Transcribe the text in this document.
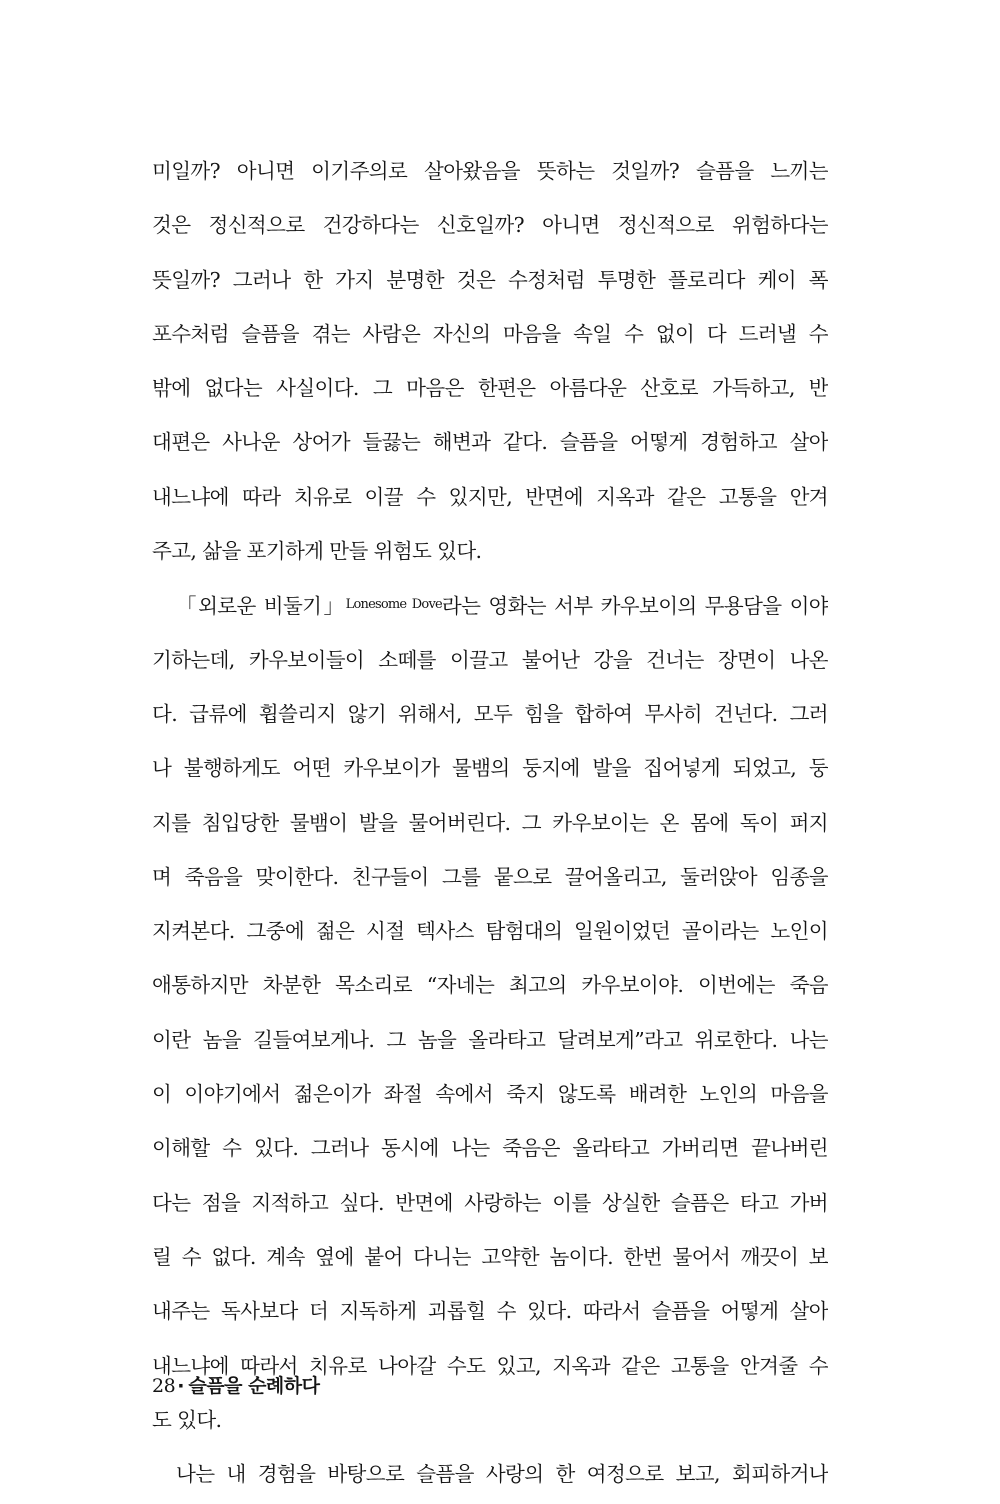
미일까? 아니면 이기주의로 살아왔음을 뜻하는 것일까? 슬픔을 느끼는
것은 정신적으로 건강하다는 신호일까? 아니면 정신적으로 위험하다는
뜻일까? 그러나 한 가지 분명한 것은 수정처럼 투명한 플로리다 케이 폭
포수처럼 슬픔을 겪는 사람은 자신의 마음을 속일 수 없이 다 드러낼 수
밖에 없다는 사실이다. 그 마음은 한편은 아름다운 산호로 가득하고, 반
대편은 사나운 상어가 들끓는 해변과 같다. 슬픔을 어떻게 경험하고 살아
내느냐에 따라 치유로 이끌 수 있지만, 반면에 지옥과 같은 고통을 안겨
주고, 삶을 포기하게 만들 위험도 있다.
「외로운 비둘기」$^{Lonesome Dove}$라는 영화는 서부 카우보이의 무용담을 이야
기하는데, 카우보이들이 소떼를 이끌고 불어난 강을 건너는 장면이 나온
다. 급류에 휩쓸리지 않기 위해서, 모두 힘을 합하여 무사히 건넌다. 그러
나 불행하게도 어떤 카우보이가 물뱀의 둥지에 발을 집어넣게 되었고, 둥
지를 침입당한 물뱀이 발을 물어버린다. 그 카우보이는 온 몸에 독이 퍼지
며 죽음을 맞이한다. 친구들이 그를 뭍으로 끌어올리고, 둘러앉아 임종을
지켜본다. 그중에 젊은 시절 텍사스 탐험대의 일원이었던 골이라는 노인이
애통하지만 차분한 목소리로 “자네는 최고의 카우보이야. 이번에는 죽음
이란 놈을 길들여보게나. 그 놈을 올라타고 달려보게”라고 위로한다. 나는
이 이야기에서 젊은이가 좌절 속에서 죽지 않도록 배려한 노인의 마음을
이해할 수 있다. 그러나 동시에 나는 죽음은 올라타고 가버리면 끝나버린
다는 점을 지적하고 싶다. 반면에 사랑하는 이를 상실한 슬픔은 타고 가버
릴 수 없다. 계속 옆에 붙어 다니는 고약한 놈이다. 한번 물어서 깨끗이 보
내주는 독사보다 더 지독하게 괴롭힐 수 있다. 따라서 슬픔을 어떻게 살아
내느냐에 따라서 치유로 나아갈 수도 있고, 지옥과 같은 고통을 안겨줄 수
도 있다.
나는 내 경험을 바탕으로 슬픔을 사랑의 한 여정으로 보고, 회피하거나
28 · 슬픔을 순례하다
